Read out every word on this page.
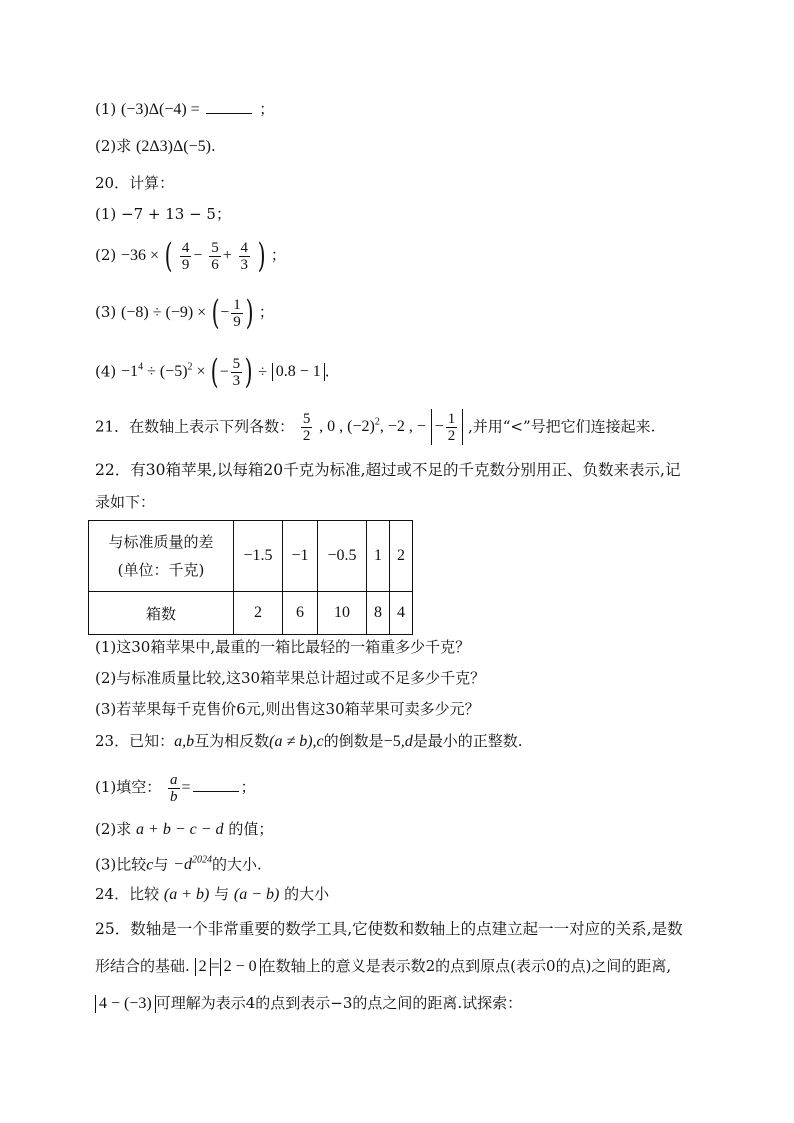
(1) (−3)Δ(−4) =	；
(2)求 (2Δ3)Δ(−5).
20．计算：
(1) −7 + 13 − 5；
(2) −36 × ( $\frac{4}{9} - \frac{5}{6} + \frac{4}{3}$ ) ；
(3) (−8) ÷ (−9) × (− $\frac{1}{9}$ ) ；
$(4) -1^4 \div (-5)^2$ × (− $\frac{5}{3}$ ) ÷ 0.8 − 1 .
21．在数轴上表示下列各数： $\frac{5}{2}$ , 0 , $(-2)^2$, −2 , − − $\frac{1}{2}$ ,并用“<”号把它们连接起来.
22．有30箱苹果,以每箱20千克为标准,超过或不足的千克数分别用正、负数来表示,记
录如下：
与标准质量的差
(单位：千克)	−1.5	−1	−0.5	1	2
箱数	2	6	10	8	4
(1)这30箱苹果中,最重的一箱比最轻的一箱重多少千克？
(2)与标准质量比较,这30箱苹果总计超过或不足多少千克？
(3)若苹果每千克售价6元,则出售这30箱苹果可卖多少元？
23．已知：a,b互为相反数(a ≠ b),c的倒数是−5,d是最小的正整数.
(1)填空： $\frac{a}{b}$ =	；
(2)求 a + b − c − d 的值；
(3)比较c与 $-d^{2024}$的大小.
24．比较 (a + b) 与 (a − b) 的大小
25．数轴是一个非常重要的数学工具,它使数和数轴上的点建立起一一对应的关系,是数
形结合的基础. 2 = 2 − 0 在数轴上的意义是表示数2的点到原点(表示0的点)之间的距离,
4 − (−3) 可理解为表示4的点到表示−3的点之间的距离.试探索：
